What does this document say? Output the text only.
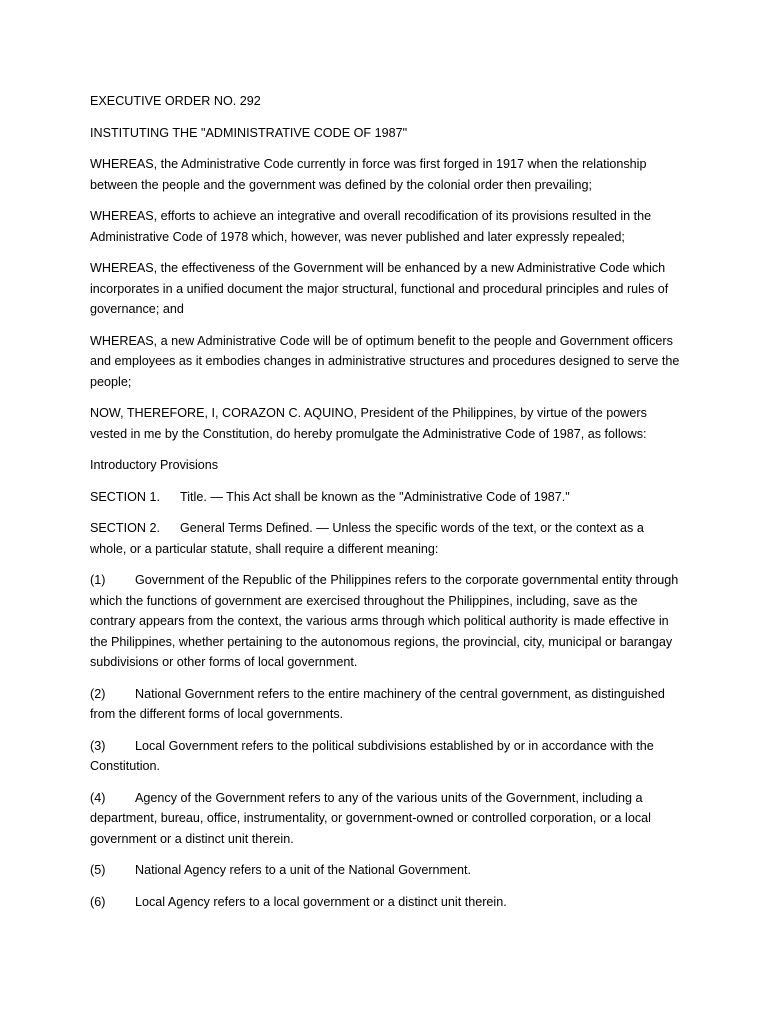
EXECUTIVE ORDER NO. 292

INSTITUTING THE "ADMINISTRATIVE CODE OF 1987"

WHEREAS, the Administrative Code currently in force was first forged in 1917 when the relationship between the people and the government was defined by the colonial order then prevailing;

WHEREAS, efforts to achieve an integrative and overall recodification of its provisions resulted in the Administrative Code of 1978 which, however, was never published and later expressly repealed;

WHEREAS, the effectiveness of the Government will be enhanced by a new Administrative Code which incorporates in a unified document the major structural, functional and procedural principles and rules of governance; and

WHEREAS, a new Administrative Code will be of optimum benefit to the people and Government officers and employees as it embodies changes in administrative structures and procedures designed to serve the people;

NOW, THEREFORE, I, CORAZON C. AQUINO, President of the Philippines, by virtue of the powers vested in me by the Constitution, do hereby promulgate the Administrative Code of 1987, as follows:

Introductory Provisions

SECTION 1. Title. — This Act shall be known as the "Administrative Code of 1987."

SECTION 2. General Terms Defined. — Unless the specific words of the text, or the context as a whole, or a particular statute, shall require a different meaning:

(1) Government of the Republic of the Philippines refers to the corporate governmental entity through which the functions of government are exercised throughout the Philippines, including, save as the contrary appears from the context, the various arms through which political authority is made effective in the Philippines, whether pertaining to the autonomous regions, the provincial, city, municipal or barangay subdivisions or other forms of local government.

(2) National Government refers to the entire machinery of the central government, as distinguished from the different forms of local governments.

(3) Local Government refers to the political subdivisions established by or in accordance with the Constitution.

(4) Agency of the Government refers to any of the various units of the Government, including a department, bureau, office, instrumentality, or government-owned or controlled corporation, or a local government or a distinct unit therein.

(5) National Agency refers to a unit of the National Government.

(6) Local Agency refers to a local government or a distinct unit therein.
